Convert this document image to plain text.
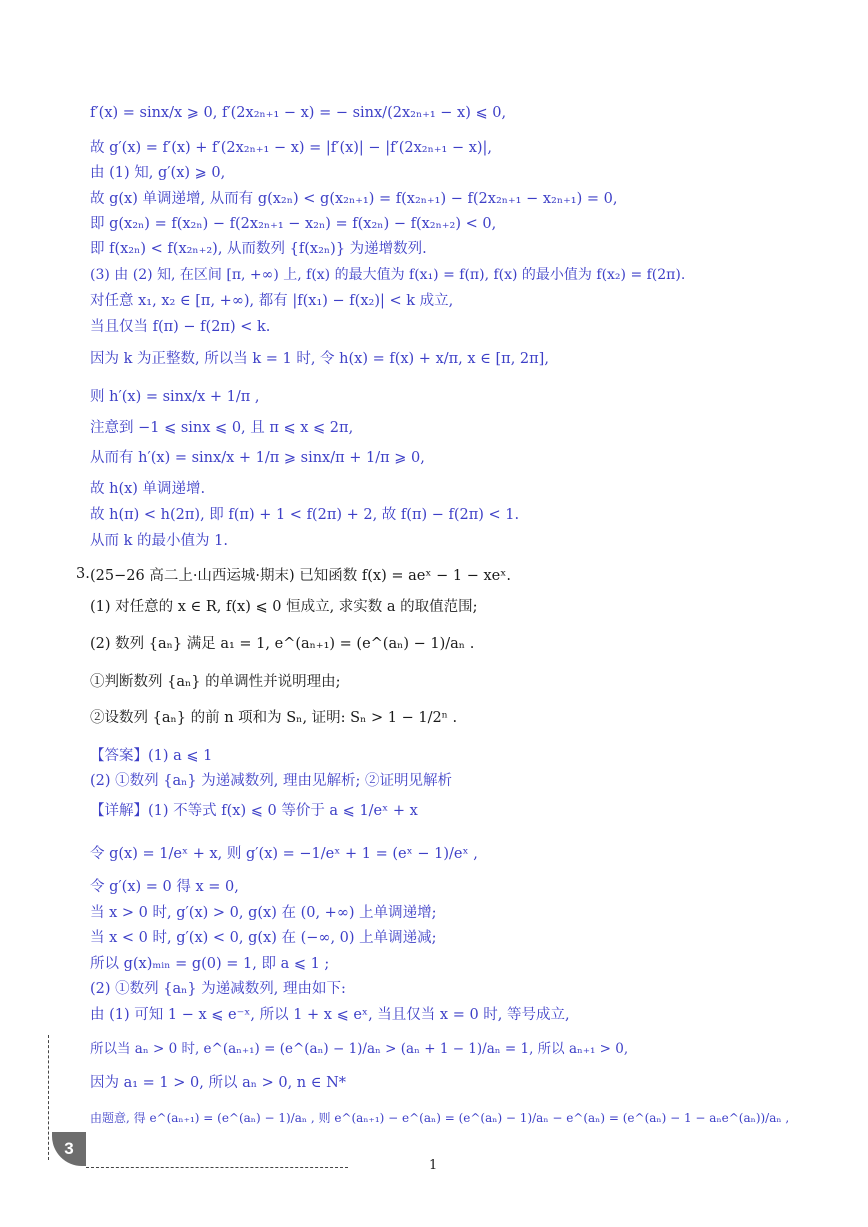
f′(x) = sinx/x ⩾ 0, f′(2x₂ₙ₊₁ − x) = − sinx/(2x₂ₙ₊₁ − x) ⩽ 0,
故 g′(x) = f′(x) + f′(2x₂ₙ₊₁ − x) = |f′(x)| − |f′(2x₂ₙ₊₁ − x)|,
由 (1) 知, g′(x) ⩾ 0,
故 g(x) 单调递增, 从而有 g(x₂ₙ) < g(x₂ₙ₊₁) = f(x₂ₙ₊₁) − f(2x₂ₙ₊₁ − x₂ₙ₊₁) = 0,
即 g(x₂ₙ) = f(x₂ₙ) − f(2x₂ₙ₊₁ − x₂ₙ) = f(x₂ₙ) − f(x₂ₙ₊₂) < 0,
即 f(x₂ₙ) < f(x₂ₙ₊₂), 从而数列 {f(x₂ₙ)} 为递增数列.
(3) 由 (2) 知, 在区间 [π, +∞) 上, f(x) 的最大值为 f(x₁) = f(π), f(x) 的最小值为 f(x₂) = f(2π).
对任意 x₁, x₂ ∈ [π, +∞), 都有 |f(x₁) − f(x₂)| < k 成立,
当且仅当 f(π) − f(2π) < k.
因为 k 为正整数, 所以当 k = 1 时, 令 h(x) = f(x) + x/π, x ∈ [π, 2π],
则 h′(x) = sinx/x + 1/π ,
注意到 −1 ⩽ sinx ⩽ 0, 且 π ⩽ x ⩽ 2π,
从而有 h′(x) = sinx/x + 1/π ⩾ sinx/π + 1/π ⩾ 0,
故 h(x) 单调递增.
故 h(π) < h(2π), 即 f(π) + 1 < f(2π) + 2, 故 f(π) − f(2π) < 1.
从而 k 的最小值为 1.
3. (25−26 高二上·山西运城·期末) 已知函数 f(x) = aeˣ − 1 − xeˣ.
(1) 对任意的 x ∈ R, f(x) ⩽ 0 恒成立, 求实数 a 的取值范围;
(2) 数列 {aₙ} 满足 a₁ = 1, e^(aₙ₊₁) = (e^(aₙ) − 1)/aₙ .
①判断数列 {aₙ} 的单调性并说明理由;
②设数列 {aₙ} 的前 n 项和为 Sₙ, 证明: Sₙ > 1 − 1/2ⁿ .
【答案】(1) a ⩽ 1
(2) ①数列 {aₙ} 为递减数列, 理由见解析; ②证明见解析
【详解】(1) 不等式 f(x) ⩽ 0 等价于 a ⩽ 1/eˣ + x
令 g(x) = 1/eˣ + x, 则 g′(x) = −1/eˣ + 1 = (eˣ − 1)/eˣ ,
令 g′(x) = 0 得 x = 0,
当 x > 0 时, g′(x) > 0, g(x) 在 (0, +∞) 上单调递增;
当 x < 0 时, g′(x) < 0, g(x) 在 (−∞, 0) 上单调递减;
所以 g(x)ₘᵢₙ = g(0) = 1, 即 a ⩽ 1 ;
(2) ①数列 {aₙ} 为递减数列, 理由如下:
由 (1) 可知 1 − x ⩽ e⁻ˣ, 所以 1 + x ⩽ eˣ, 当且仅当 x = 0 时, 等号成立,
所以当 aₙ > 0 时, e^(aₙ₊₁) = (e^(aₙ) − 1)/aₙ > (aₙ + 1 − 1)/aₙ = 1, 所以 aₙ₊₁ > 0,
因为 a₁ = 1 > 0, 所以 aₙ > 0, n ∈ N*
由题意, 得 e^(aₙ₊₁) = (e^(aₙ) − 1)/aₙ , 则 e^(aₙ₊₁) − e^(aₙ) = (e^(aₙ) − 1)/aₙ − e^(aₙ) = (e^(aₙ) − 1 − aₙe^(aₙ))/aₙ ,
3
1
